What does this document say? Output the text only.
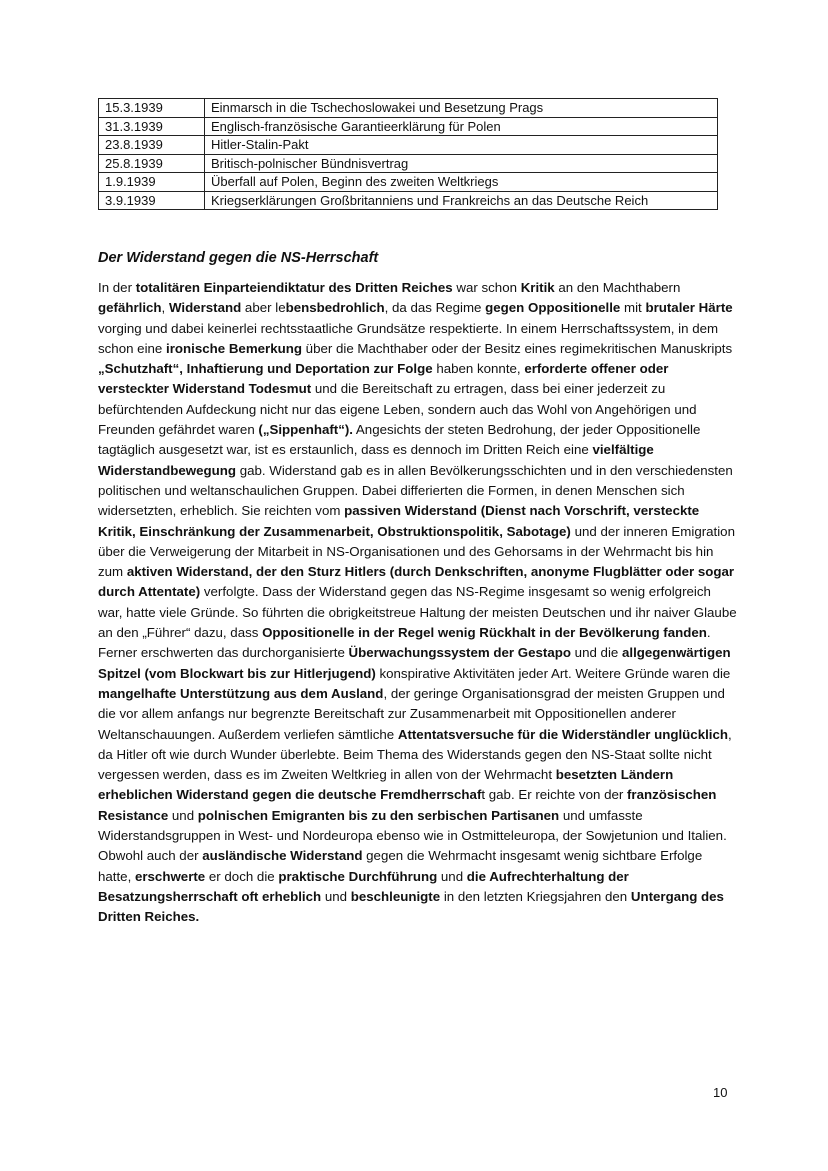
15.3.1939	Einmarsch in die Tschechoslowakei und Besetzung Prags
31.3.1939	Englisch-französische Garantieerklärung für Polen
23.8.1939	Hitler-Stalin-Pakt
25.8.1939	Britisch-polnischer Bündnisvertrag
1.9.1939	Überfall auf Polen, Beginn des zweiten Weltkriegs
3.9.1939	Kriegserklärungen Großbritanniens und Frankreichs an das Deutsche Reich
Der Widerstand gegen die NS-Herrschaft

In der totalitären Einparteiendiktatur des Dritten Reiches war schon Kritik an den Machthabern gefährlich, Widerstand aber lebensbedrohlich, da das Regime gegen Oppositionelle mit brutaler Härte vorging und dabei keinerlei rechtsstaatliche Grundsätze respektierte. In einem Herrschaftssystem, in dem schon eine ironische Bemerkung über die Machthaber oder der Besitz eines regimekritischen Manuskripts „Schutzhaft“, Inhaftierung und Deportation zur Folge haben konnte, erforderte offener oder versteckter Widerstand Todesmut und die Bereitschaft zu ertragen, dass bei einer jederzeit zu befürchtenden Aufdeckung nicht nur das eigene Leben, sondern auch das Wohl von Angehörigen und Freunden gefährdet waren („Sippenhaft“). Angesichts der steten Bedrohung, der jeder Oppositionelle tagtäglich ausgesetzt war, ist es erstaunlich, dass es dennoch im Dritten Reich eine vielfältige Widerstandbewegung gab. Widerstand gab es in allen Bevölkerungsschichten und in den verschiedensten politischen und weltanschaulichen Gruppen. Dabei differierten die Formen, in denen Menschen sich widersetzten, erheblich. Sie reichten vom passiven Widerstand (Dienst nach Vorschrift, versteckte Kritik, Einschränkung der Zusammenarbeit, Obstruktionspolitik, Sabotage) und der inneren Emigration über die Verweigerung der Mitarbeit in NS-Organisationen und des Gehorsams in der Wehrmacht bis hin zum aktiven Widerstand, der den Sturz Hitlers (durch Denkschriften, anonyme Flugblätter oder sogar durch Attentate) verfolgte. Dass der Widerstand gegen das NS-Regime insgesamt so wenig erfolgreich war, hatte viele Gründe. So führten die obrigkeitstreue Haltung der meisten Deutschen und ihr naiver Glaube an den „Führer“ dazu, dass Oppositionelle in der Regel wenig Rückhalt in der Bevölkerung fanden. Ferner erschwerten das durchorganisierte Überwachungssystem der Gestapo und die allgegenwärtigen Spitzel (vom Blockwart bis zur Hitlerjugend) konspirative Aktivitäten jeder Art. Weitere Gründe waren die mangelhafte Unterstützung aus dem Ausland, der geringe Organisationsgrad der meisten Gruppen und die vor allem anfangs nur begrenzte Bereitschaft zur Zusammenarbeit mit Oppositionellen anderer Weltanschauungen. Außerdem verliefen sämtliche Attentatsversuche für die Widerständler unglücklich, da Hitler oft wie durch Wunder überlebte. Beim Thema des Widerstands gegen den NS-Staat sollte nicht vergessen werden, dass es im Zweiten Weltkrieg in allen von der Wehrmacht besetzten Ländern erheblichen Widerstand gegen die deutsche Fremdherrschaft gab. Er reichte von der französischen Resistance und polnischen Emigranten bis zu den serbischen Partisanen und umfasste Widerstandsgruppen in West- und Nordeuropa ebenso wie in Ostmitteleuropa, der Sowjetunion und Italien. Obwohl auch der ausländische Widerstand gegen die Wehrmacht insgesamt wenig sichtbare Erfolge hatte, erschwerte er doch die praktische Durchführung und die Aufrechterhaltung der Besatzungsherrschaft oft erheblich und beschleunigte in den letzten Kriegsjahren den Untergang des Dritten Reiches.

10
